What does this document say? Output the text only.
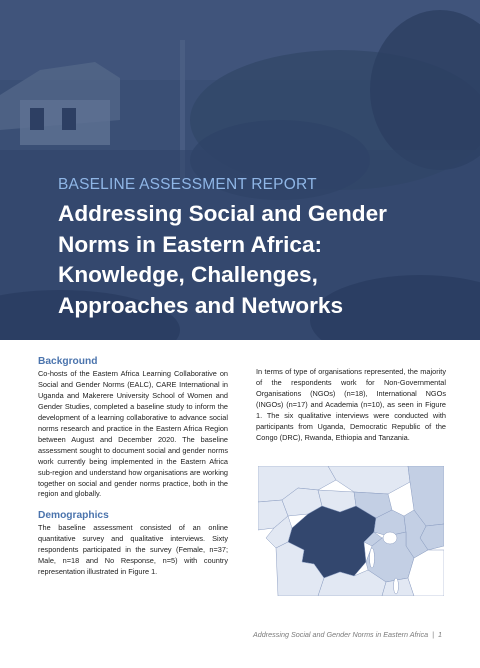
BASELINE ASSESSMENT REPORT
Addressing Social and Gender
Norms in Eastern Africa:
Knowledge, Challenges,
Approaches and Networks
Background

Co-hosts of the Eastern Africa Learning Collaborative on Social and Gender Norms (EALC), CARE International in Uganda and Makerere University School of Women and Gender Studies, completed a baseline study to inform the development of a learning collaborative to advance social norms research and practice in the Eastern Africa Region between August and December 2020. The baseline assessment sought to document social and gender norms work currently being implemented in the Eastern Africa sub-region and understand how organisations are working together on social and gender norms practice, both in the region and globally.

Demographics

The baseline assessment consisted of an online quantitative survey and qualitative interviews. Sixty respondents participated in the survey (Female, n=37; Male, n=18 and No Response, n=5) with country representation illustrated in Figure 1.

In terms of type of organisations represented, the majority of the respondents work for Non-Governmental Organisations (NGOs) (n=18), International NGOs (INGOs) (n=17) and Academia (n=10), as seen in Figure 1. The six qualitative interviews were conducted with participants from Uganda, Democratic Republic of the Congo (DRC), Rwanda, Ethiopia and Tanzania.

Addressing Social and Gender Norms in Eastern Africa | 1
